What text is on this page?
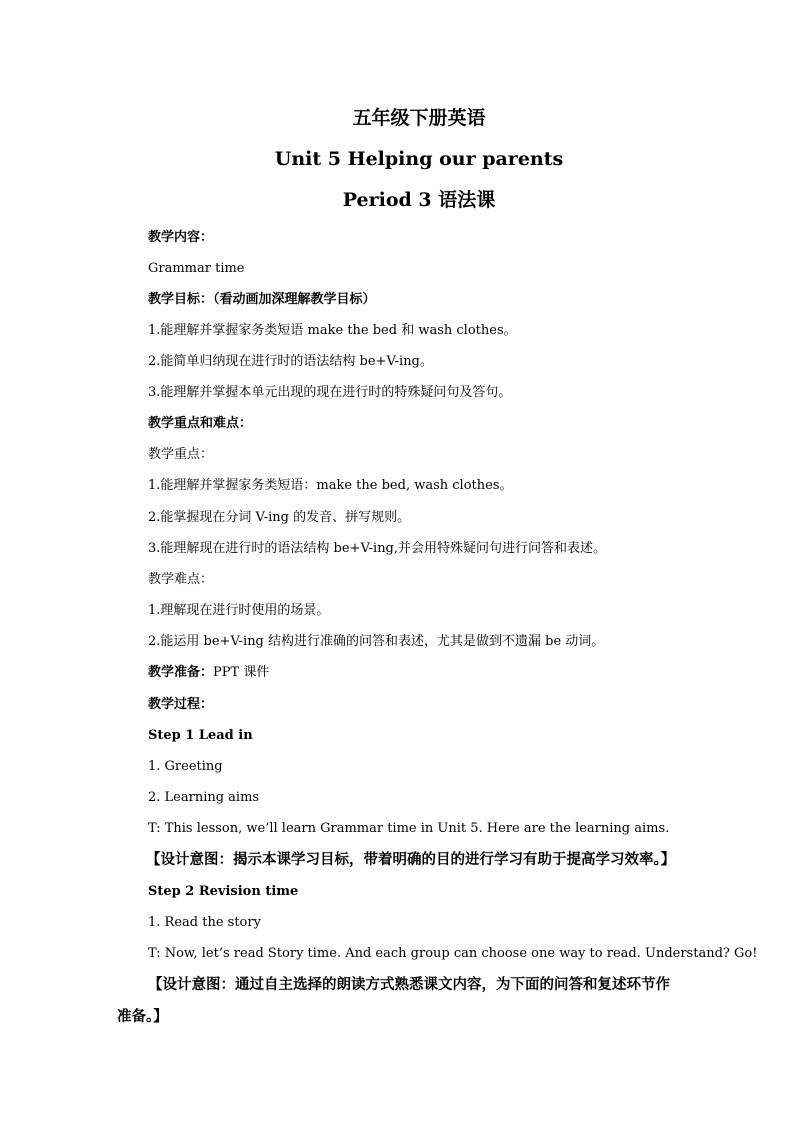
五年级下册英语
Unit 5 Helping our parents
Period 3 语法课
教学内容：
Grammar time
教学目标：（看动画加深理解教学目标）
1.能理解并掌握家务类短语 make the bed 和 wash clothes。
2.能简单归纳现在进行时的语法结构 be+V-ing。
3.能理解并掌握本单元出现的现在进行时的特殊疑问句及答句。
教学重点和难点：
教学重点：
1.能理解并掌握家务类短语：make the bed, wash clothes。
2.能掌握现在分词 V-ing 的发音、拼写规则。
3.能理解现在进行时的语法结构 be+V-ing,并会用特殊疑问句进行问答和表述。
教学难点：
1.理解现在进行时使用的场景。
2.能运用 be+V-ing 结构进行准确的问答和表述，尤其是做到不遗漏 be 动词。
教学准备：PPT 课件
教学过程：
Step 1 Lead in
1. Greeting
2. Learning aims
T: This lesson, we’ll learn Grammar time in Unit 5. Here are the learning aims.
【设计意图：揭示本课学习目标，带着明确的目的进行学习有助于提高学习效率。】
Step 2 Revision time
1. Read the story
T: Now, let’s read Story time. And each group can choose one way to read. Understand? Go!
【设计意图：通过自主选择的朗读方式熟悉课文内容，为下面的问答和复述环节作准备。】
